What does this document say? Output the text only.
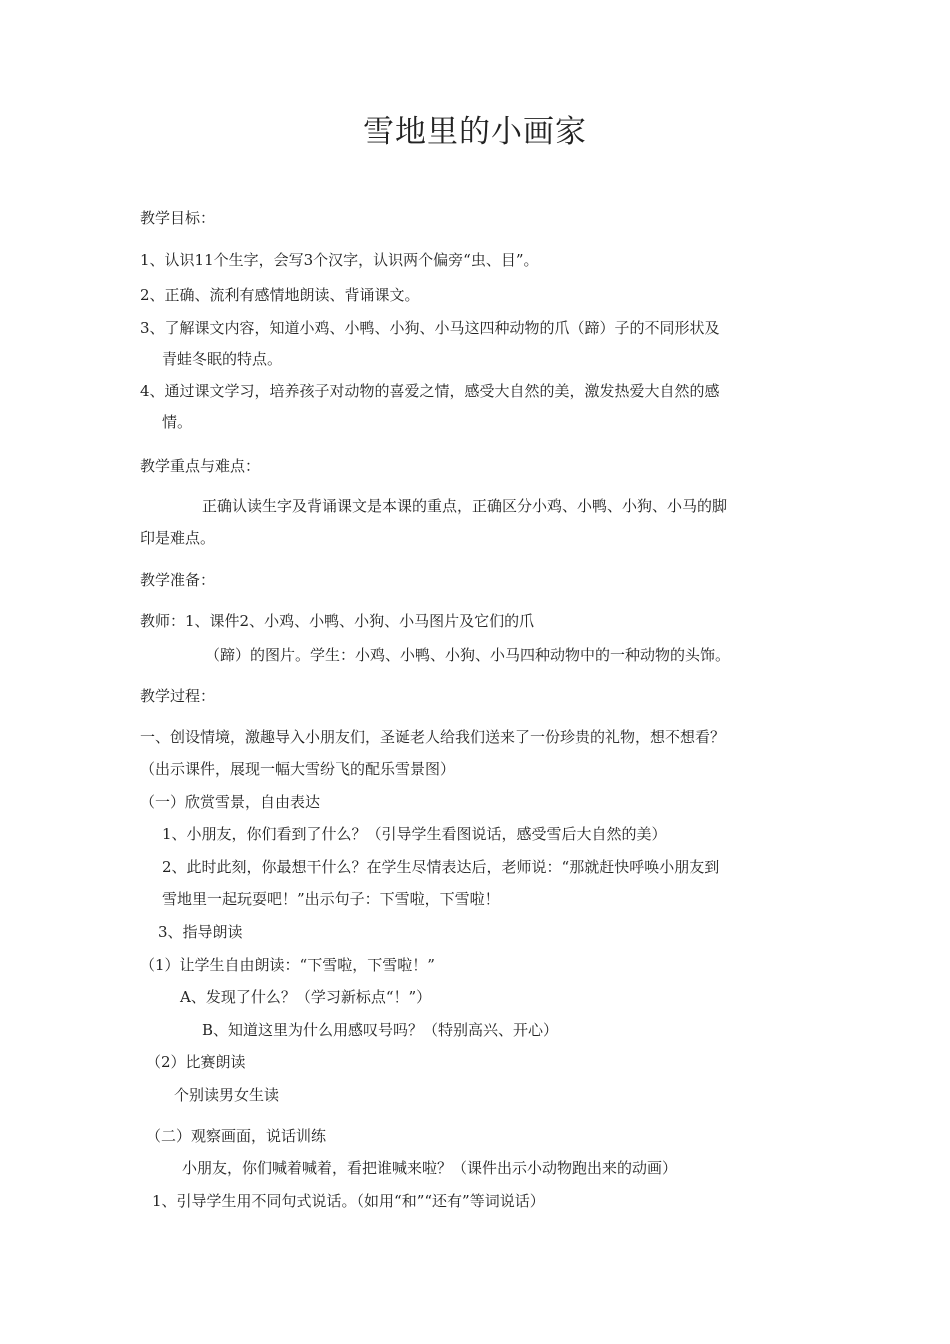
雪地里的小画家
教学目标：
1、认识11个生字，会写3个汉字，认识两个偏旁“虫、目”。
2、正确、流利有感情地朗读、背诵课文。
3、了解课文内容，知道小鸡、小鸭、小狗、小马这四种动物的爪（蹄）子的不同形状及
青蛙冬眠的特点。
4、通过课文学习，培养孩子对动物的喜爱之情，感受大自然的美，激发热爱大自然的感
情。
教学重点与难点：
正确认读生字及背诵课文是本课的重点，正确区分小鸡、小鸭、小狗、小马的脚
印是难点。
教学准备：
教师：1、课件2、小鸡、小鸭、小狗、小马图片及它们的爪
（蹄）的图片。学生：小鸡、小鸭、小狗、小马四种动物中的一种动物的头饰。
教学过程：
一、创设情境，激趣导入小朋友们，圣诞老人给我们送来了一份珍贵的礼物，想不想看？
（出示课件，展现一幅大雪纷飞的配乐雪景图）
（一）欣赏雪景，自由表达
1、小朋友，你们看到了什么？（引导学生看图说话，感受雪后大自然的美）
2、此时此刻，你最想干什么？在学生尽情表达后，老师说：“那就赶快呼唤小朋友到
雪地里一起玩耍吧！”出示句子：下雪啦，下雪啦！
3、指导朗读
（1）让学生自由朗读：“下雪啦，下雪啦！”
A、发现了什么？（学习新标点“！”）
B、知道这里为什么用感叹号吗？（特别高兴、开心）
（2）比赛朗读
个别读男女生读
（二）观察画面，说话训练
小朋友，你们喊着喊着，看把谁喊来啦？（课件出示小动物跑出来的动画）
1、引导学生用不同句式说话。（如用“和”“还有”等词说话）
